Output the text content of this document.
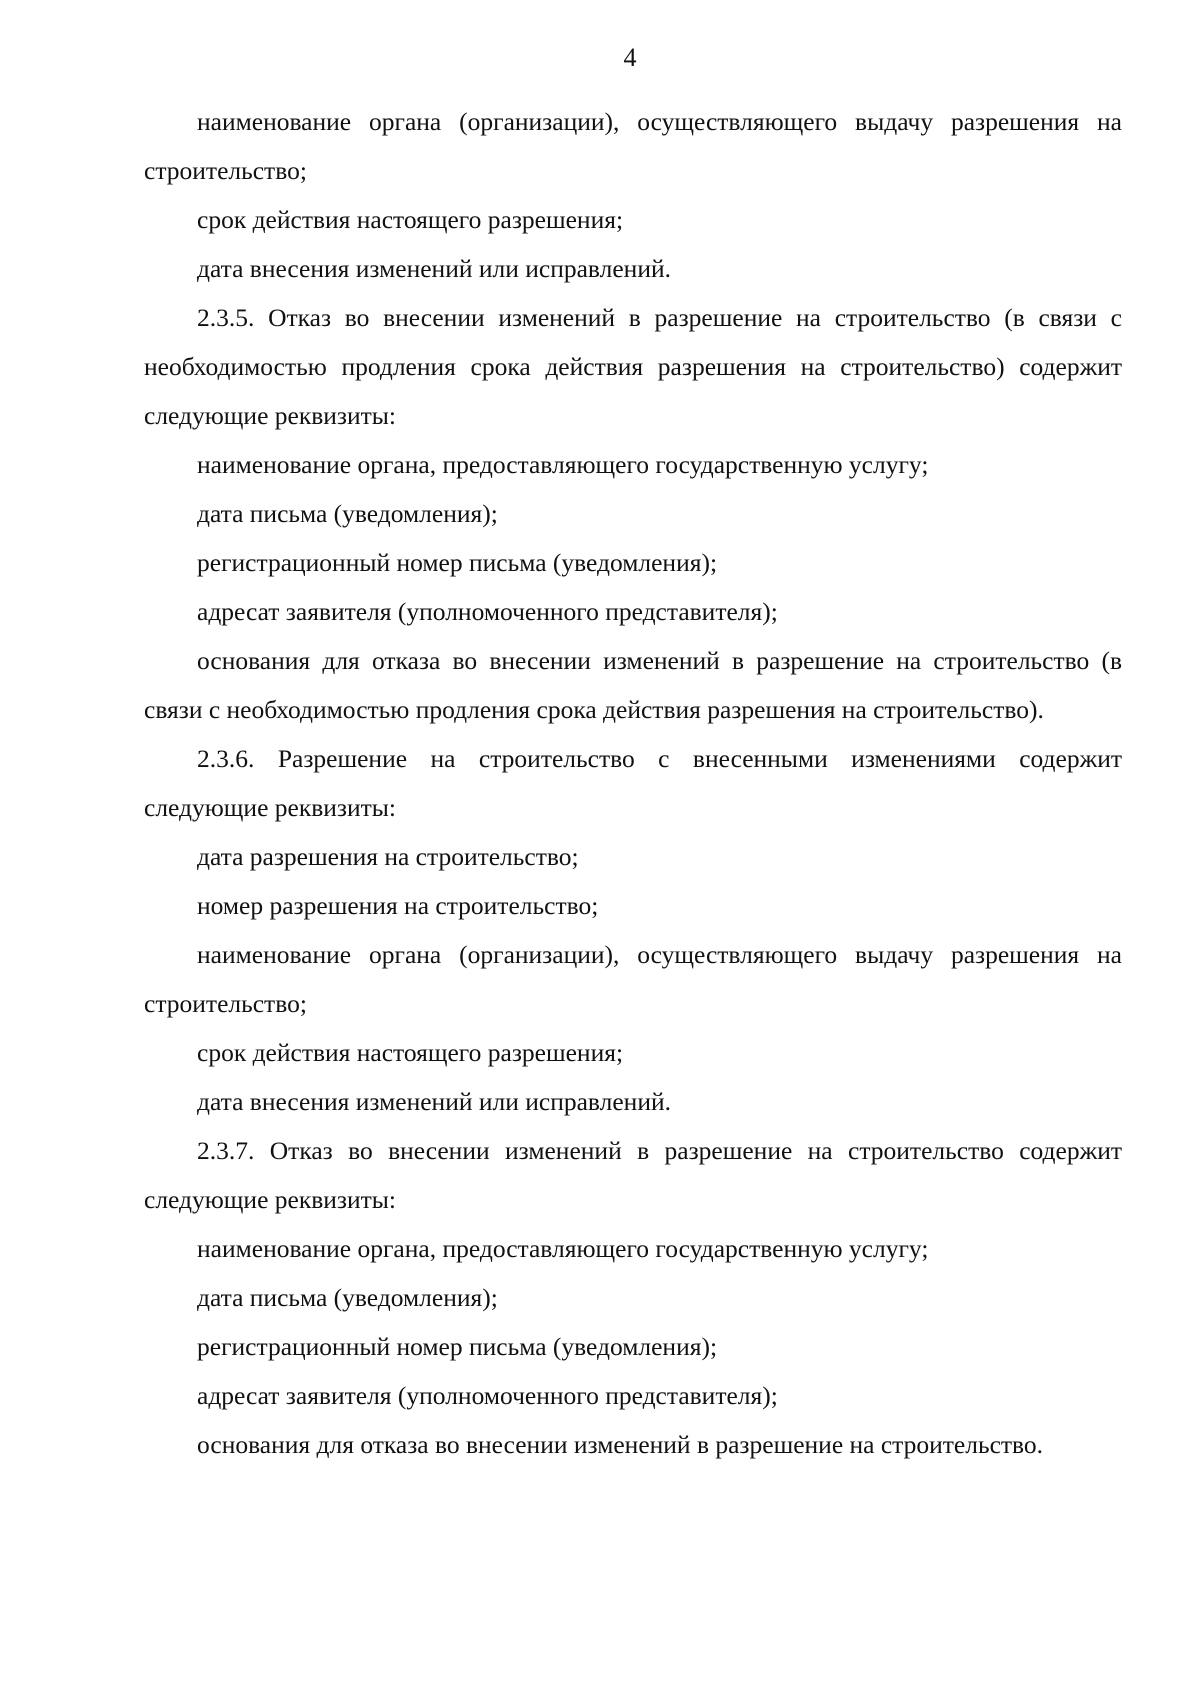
4

наименование органа (организации), осуществляющего выдачу разрешения на строительство;

срок действия настоящего разрешения;

дата внесения изменений или исправлений.

2.3.5. Отказ во внесении изменений в разрешение на строительство (в связи с необходимостью продления срока действия разрешения на строительство) содержит следующие реквизиты:

наименование органа, предоставляющего государственную услугу;

дата письма (уведомления);

регистрационный номер письма (уведомления);

адресат заявителя (уполномоченного представителя);

основания для отказа во внесении изменений в разрешение на строительство (в связи с необходимостью продления срока действия разрешения на строительство).

2.3.6. Разрешение на строительство с внесенными изменениями содержит следующие реквизиты:

дата разрешения на строительство;

номер разрешения на строительство;

наименование органа (организации), осуществляющего выдачу разрешения на строительство;

срок действия настоящего разрешения;

дата внесения изменений или исправлений.

2.3.7. Отказ во внесении изменений в разрешение на строительство содержит следующие реквизиты:

наименование органа, предоставляющего государственную услугу;

дата письма (уведомления);

регистрационный номер письма (уведомления);

адресат заявителя (уполномоченного представителя);

основания для отказа во внесении изменений в разрешение на строительство.
